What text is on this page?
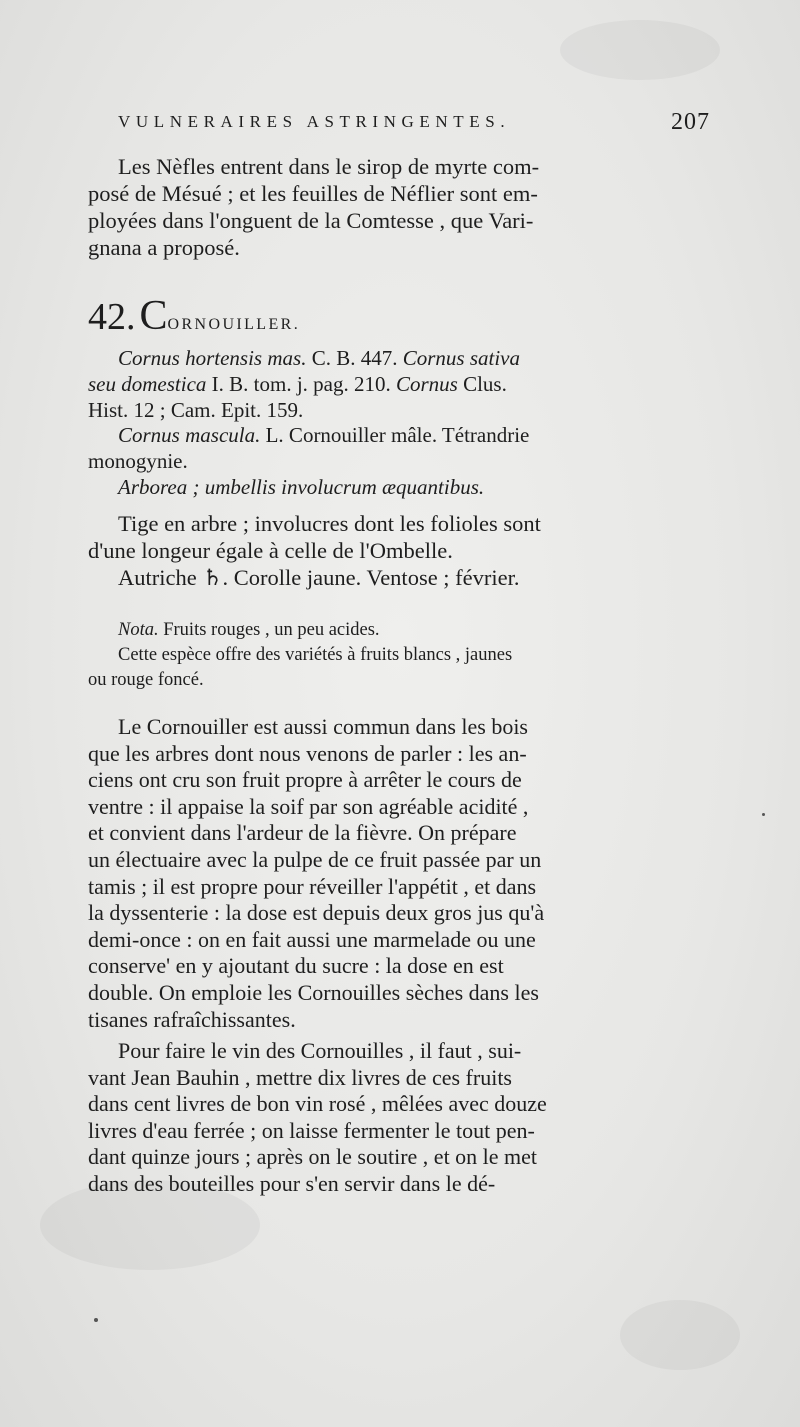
VULNERAIRES ASTRINGENTES.	207
Les Nèfles entrent dans le sirop de myrte com-
posé de Mésué ; et les feuilles de Néflier sont em-
ployées dans l'onguent de la Comtesse , que Vari-
gnana a proposé.
42.CORNOUILLER.
Cornus hortensis mas. C. B. 447. Cornus sativa
seu domestica I. B. tom. j. pag. 210. Cornus Clus.
Hist. 12 ; Cam. Epit. 159.
Cornus mascula. L. Cornouiller mâle. Tétrandrie
monogynie.
Arborea ; umbellis involucrum æquantibus.
Tige en arbre ; involucres dont les folioles sont
d'une longeur égale à celle de l'Ombelle.
Autriche ♄. Corolle jaune. Ventose ; février.
Nota. Fruits rouges , un peu acides.
Cette espèce offre des variétés à fruits blancs , jaunes
ou rouge foncé.
Le Cornouiller est aussi commun dans les bois
que les arbres dont nous venons de parler : les an-
ciens ont cru son fruit propre à arrêter le cours de
ventre : il appaise la soif par son agréable acidité ,
et convient dans l'ardeur de la fièvre. On prépare
un électuaire avec la pulpe de ce fruit passée par un
tamis ; il est propre pour réveiller l'appétit , et dans
la dyssenterie : la dose est depuis deux gros jus qu'à
demi-once : on en fait aussi une marmelade ou une
conserve' en y ajoutant du sucre : la dose en est
double. On emploie les Cornouilles sèches dans les
tisanes rafraîchissantes.
Pour faire le vin des Cornouilles , il faut , sui-
vant Jean Bauhin , mettre dix livres de ces fruits
dans cent livres de bon vin rosé , mêlées avec douze
livres d'eau ferrée ; on laisse fermenter le tout pen-
dant quinze jours ; après on le soutire , et on le met
dans des bouteilles pour s'en servir dans le dé-
